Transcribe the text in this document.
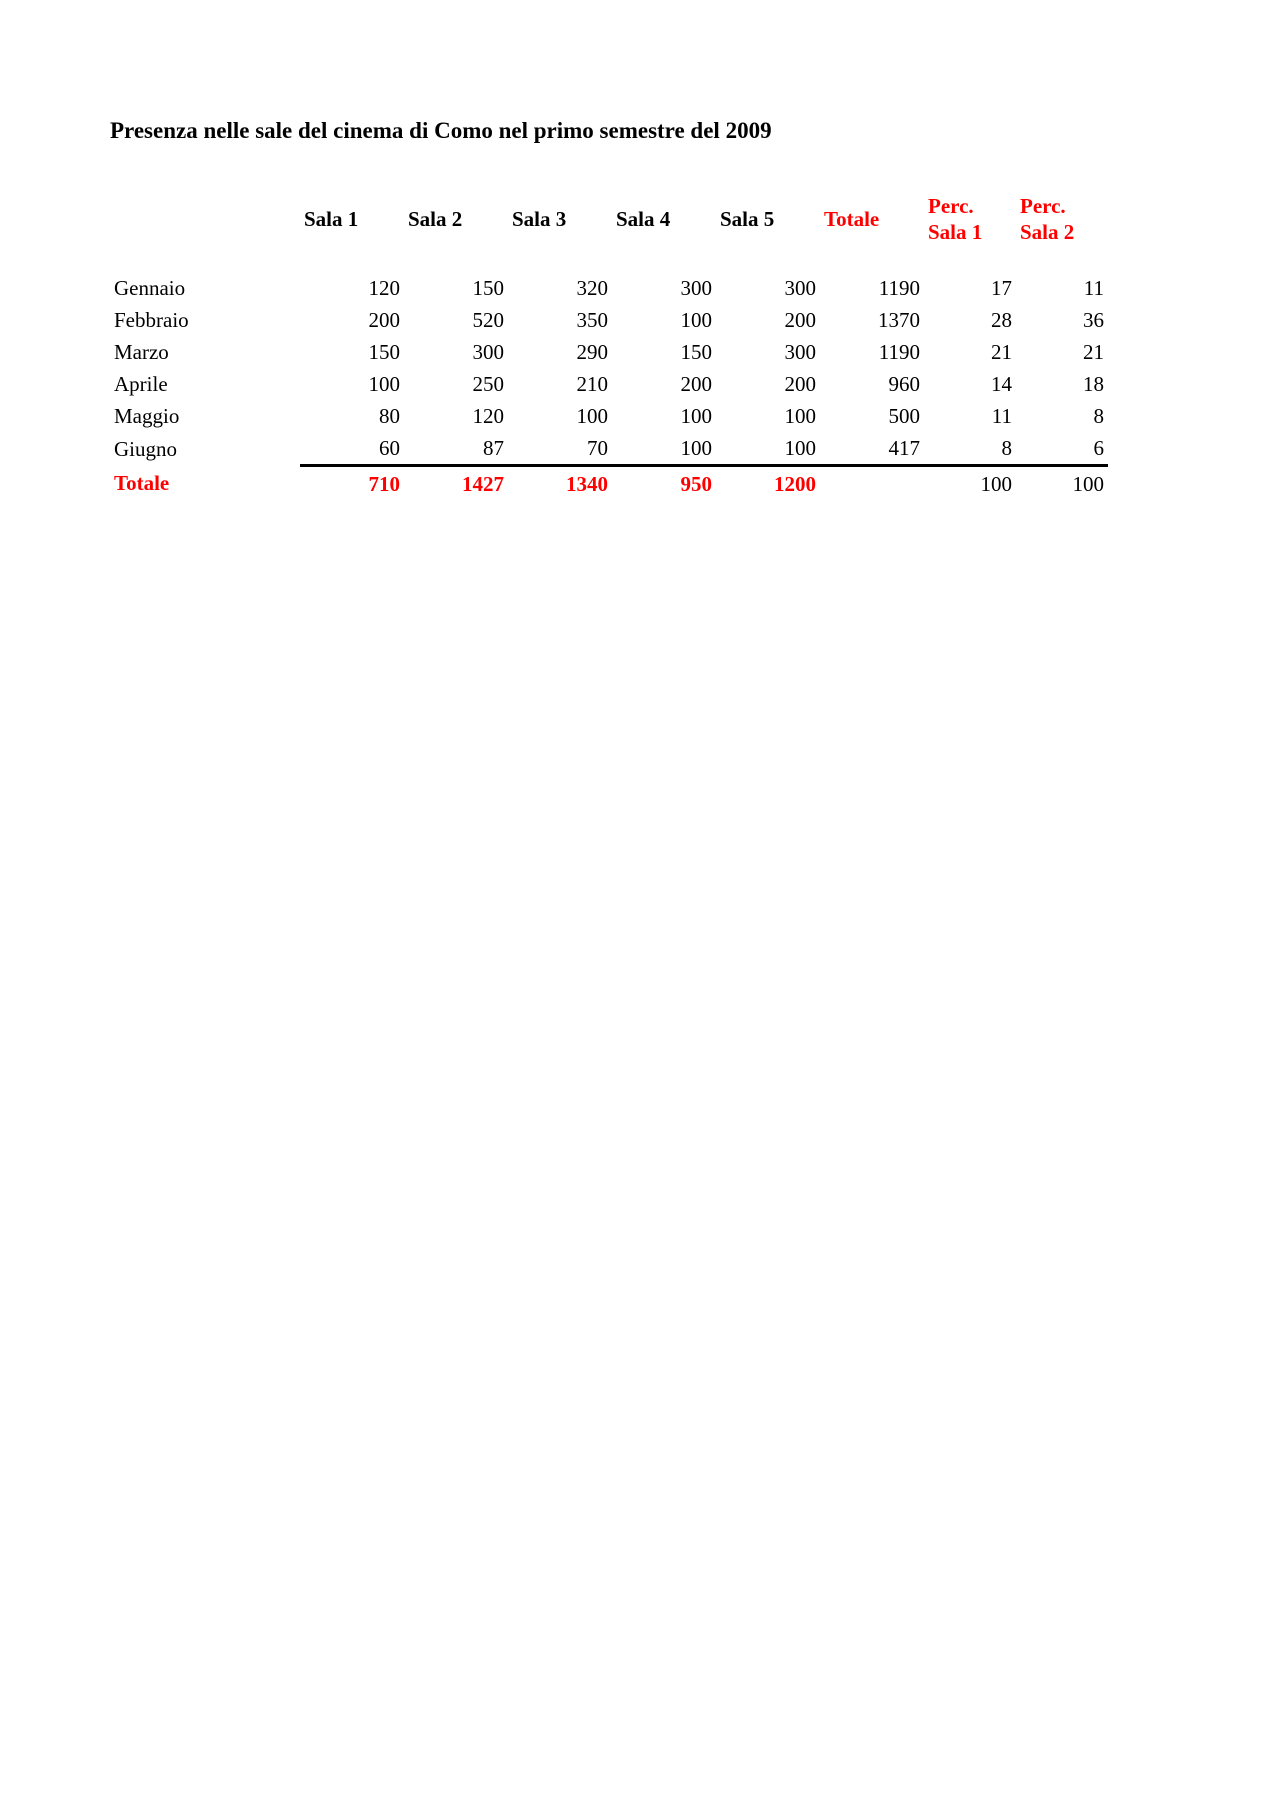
Presenza nelle sale del cinema di Como nel primo semestre del 2009
	Sala 1	Sala 2	Sala 3	Sala 4	Sala 5	Totale	Perc. Sala 1	Perc. Sala 2

Gennaio	120	150	320	300	300	1190	17	11
Febbraio	200	520	350	100	200	1370	28	36
Marzo	150	300	290	150	300	1190	21	21
Aprile	100	250	210	200	200	960	14	18
Maggio	80	120	100	100	100	500	11	8
Giugno	60	87	70	100	100	417	8	6
Totale	710	1427	1340	950	1200		100	100
